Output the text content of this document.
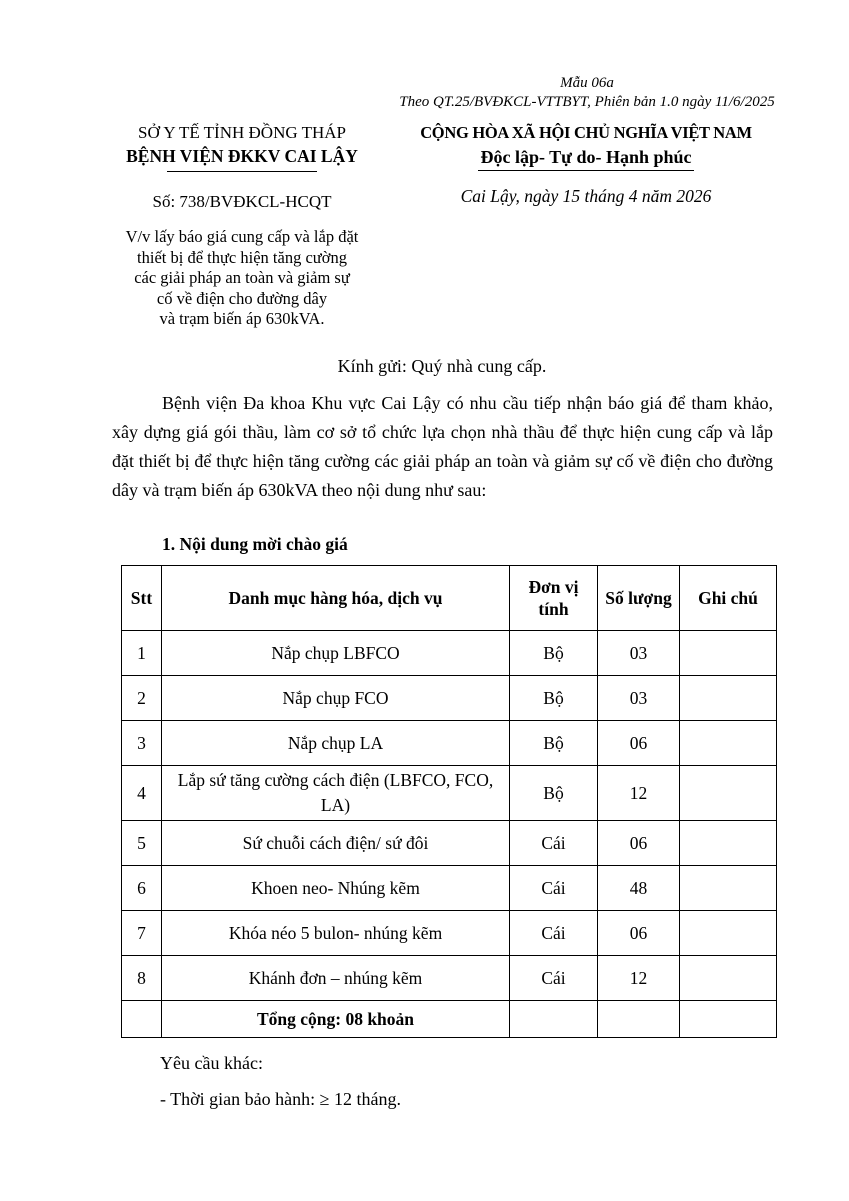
Mẫu 06a
Theo QT.25/BVĐKCL-VTTBYT, Phiên bản 1.0 ngày 11/6/2025
SỞ Y TẾ TỈNH ĐỒNG THÁP
BỆNH VIỆN ĐKKV CAI LẬY
Số: 738/BVĐKCL-HCQT
V/v lấy báo giá cung cấp và lắp đặt
thiết bị để thực hiện tăng cường
các giải pháp an toàn và giảm sự
cố về điện cho đường dây
và trạm biến áp 630kVA.
CỘNG HÒA XÃ HỘI CHỦ NGHĨA VIỆT NAM
Độc lập- Tự do- Hạnh phúc
Cai Lậy, ngày 15 tháng 4 năm 2026
Kính gửi: Quý nhà cung cấp.
Bệnh viện Đa khoa Khu vực Cai Lậy có nhu cầu tiếp nhận báo giá để tham khảo, xây dựng giá gói thầu, làm cơ sở tổ chức lựa chọn nhà thầu để thực hiện cung cấp và lắp đặt thiết bị để thực hiện tăng cường các giải pháp an toàn và giảm sự cố về điện cho đường dây và trạm biến áp 630kVA theo nội dung như sau:
1. Nội dung mời chào giá
Stt	Danh mục hàng hóa, dịch vụ	Đơn vị tính	Số lượng	Ghi chú
1	Nắp chụp LBFCO	Bộ	03	
2	Nắp chụp FCO	Bộ	03	
3	Nắp chụp LA	Bộ	06	
4	Lắp sứ tăng cường cách điện (LBFCO, FCO, LA)	Bộ	12	
5	Sứ chuỗi cách điện/ sứ đôi	Cái	06	
6	Khoen neo- Nhúng kẽm	Cái	48	
7	Khóa néo 5 bulon- nhúng kẽm	Cái	06	
8	Khánh đơn – nhúng kẽm	Cái	12	
	Tổng cộng: 08 khoản			
Yêu cầu khác:
- Thời gian bảo hành: ≥ 12 tháng.
